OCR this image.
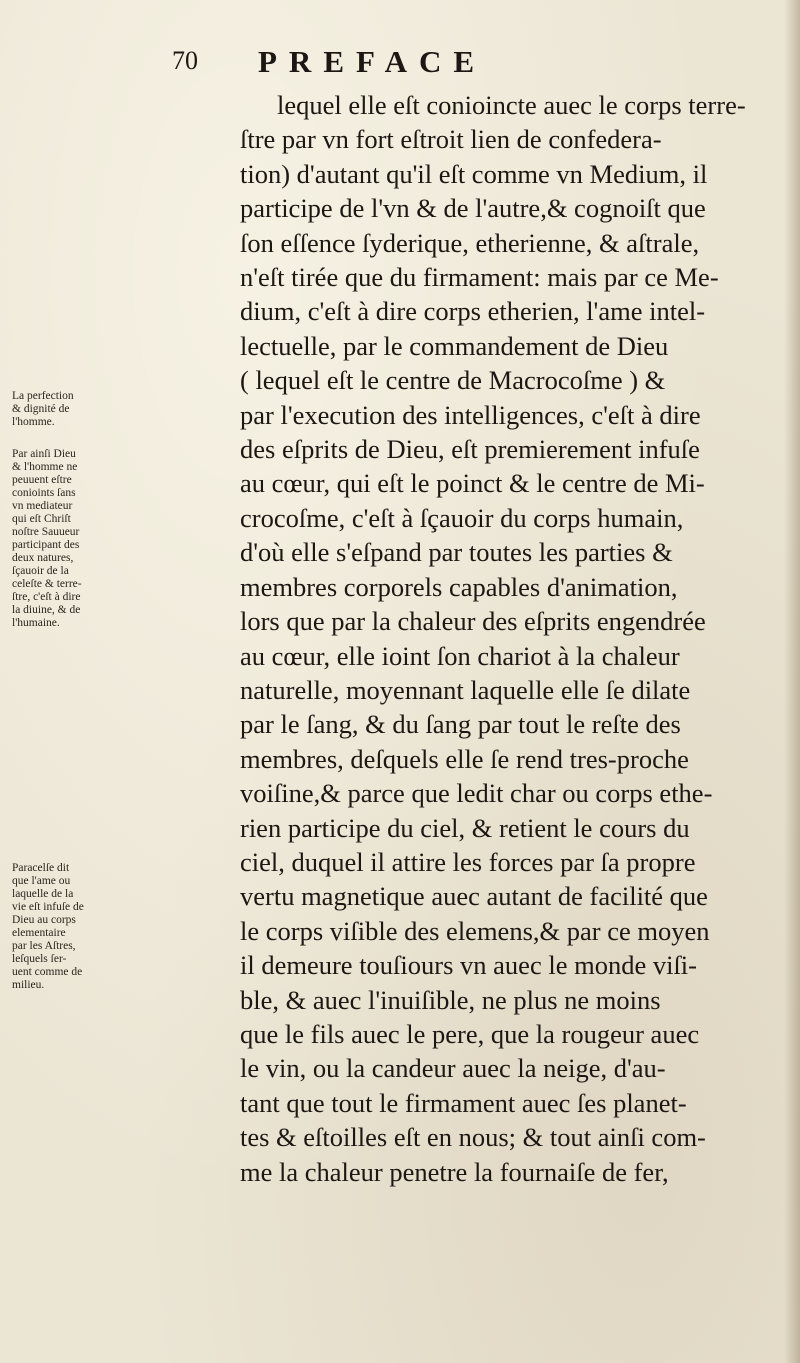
70 PREFACE
lequel elle eſt conioincte auec le corps terre-
ſtre par vn fort eſtroit lien de confedera-
tion) d'autant qu'il eſt comme vn Medium, il
participe de l'vn & de l'autre,& cognoiſt que
ſon eſſence ſyderique, etherienne, & aſtrale,
n'eſt tirée que du firmament: mais par ce Me-
dium, c'eſt à dire corps etherien, l'ame intel-
lectuelle, par le commandement de Dieu
( lequel eſt le centre de Macrocoſme ) &
par l'execution des intelligences, c'eſt à dire
des eſprits de Dieu, eſt premierement infuſe
au cœur, qui eſt le poinct & le centre de Mi-
crocoſme, c'eſt à ſçauoir du corps humain,
d'où elle s'eſpand par toutes les parties &
membres corporels capables d'animation,
lors que par la chaleur des eſprits engendrée
au cœur, elle ioint ſon chariot à la chaleur
naturelle, moyennant laquelle elle ſe dilate
par le ſang, & du ſang par tout le reſte des
membres, deſquels elle ſe rend tres-proche
voiſine,& parce que ledit char ou corps ethe-
rien participe du ciel, & retient le cours du
ciel, duquel il attire les forces par ſa propre
vertu magnetique auec autant de facilité que
le corps viſible des elemens,& par ce moyen
il demeure touſiours vn auec le monde viſi-
ble, & auec l'inuiſible, ne plus ne moins
que le fils auec le pere, que la rougeur auec
le vin, ou la candeur auec la neige, d'au-
tant que tout le firmament auec ſes planet-
tes & eſtoilles eſt en nous; & tout ainſi com-
me la chaleur penetre la fournaiſe de fer,
La perfection
& dignité de
l'homme.
Par ainſi Dieu
& l'homme ne
peuuent eſtre
conioints ſans
vn mediateur
qui eſt Chriſt
noſtre Sauueur
participant des
deux natures,
ſçauoir de la
celeſte & terre-
ſtre, c'eſt à dire
la diuine, & de
l'humaine.
Paracelſe dit
que l'ame ou
laquelle de la
vie eſt infuſe de
Dieu au corps
elementaire
par les Aſtres,
leſquels ſer-
uent comme de
milieu.
